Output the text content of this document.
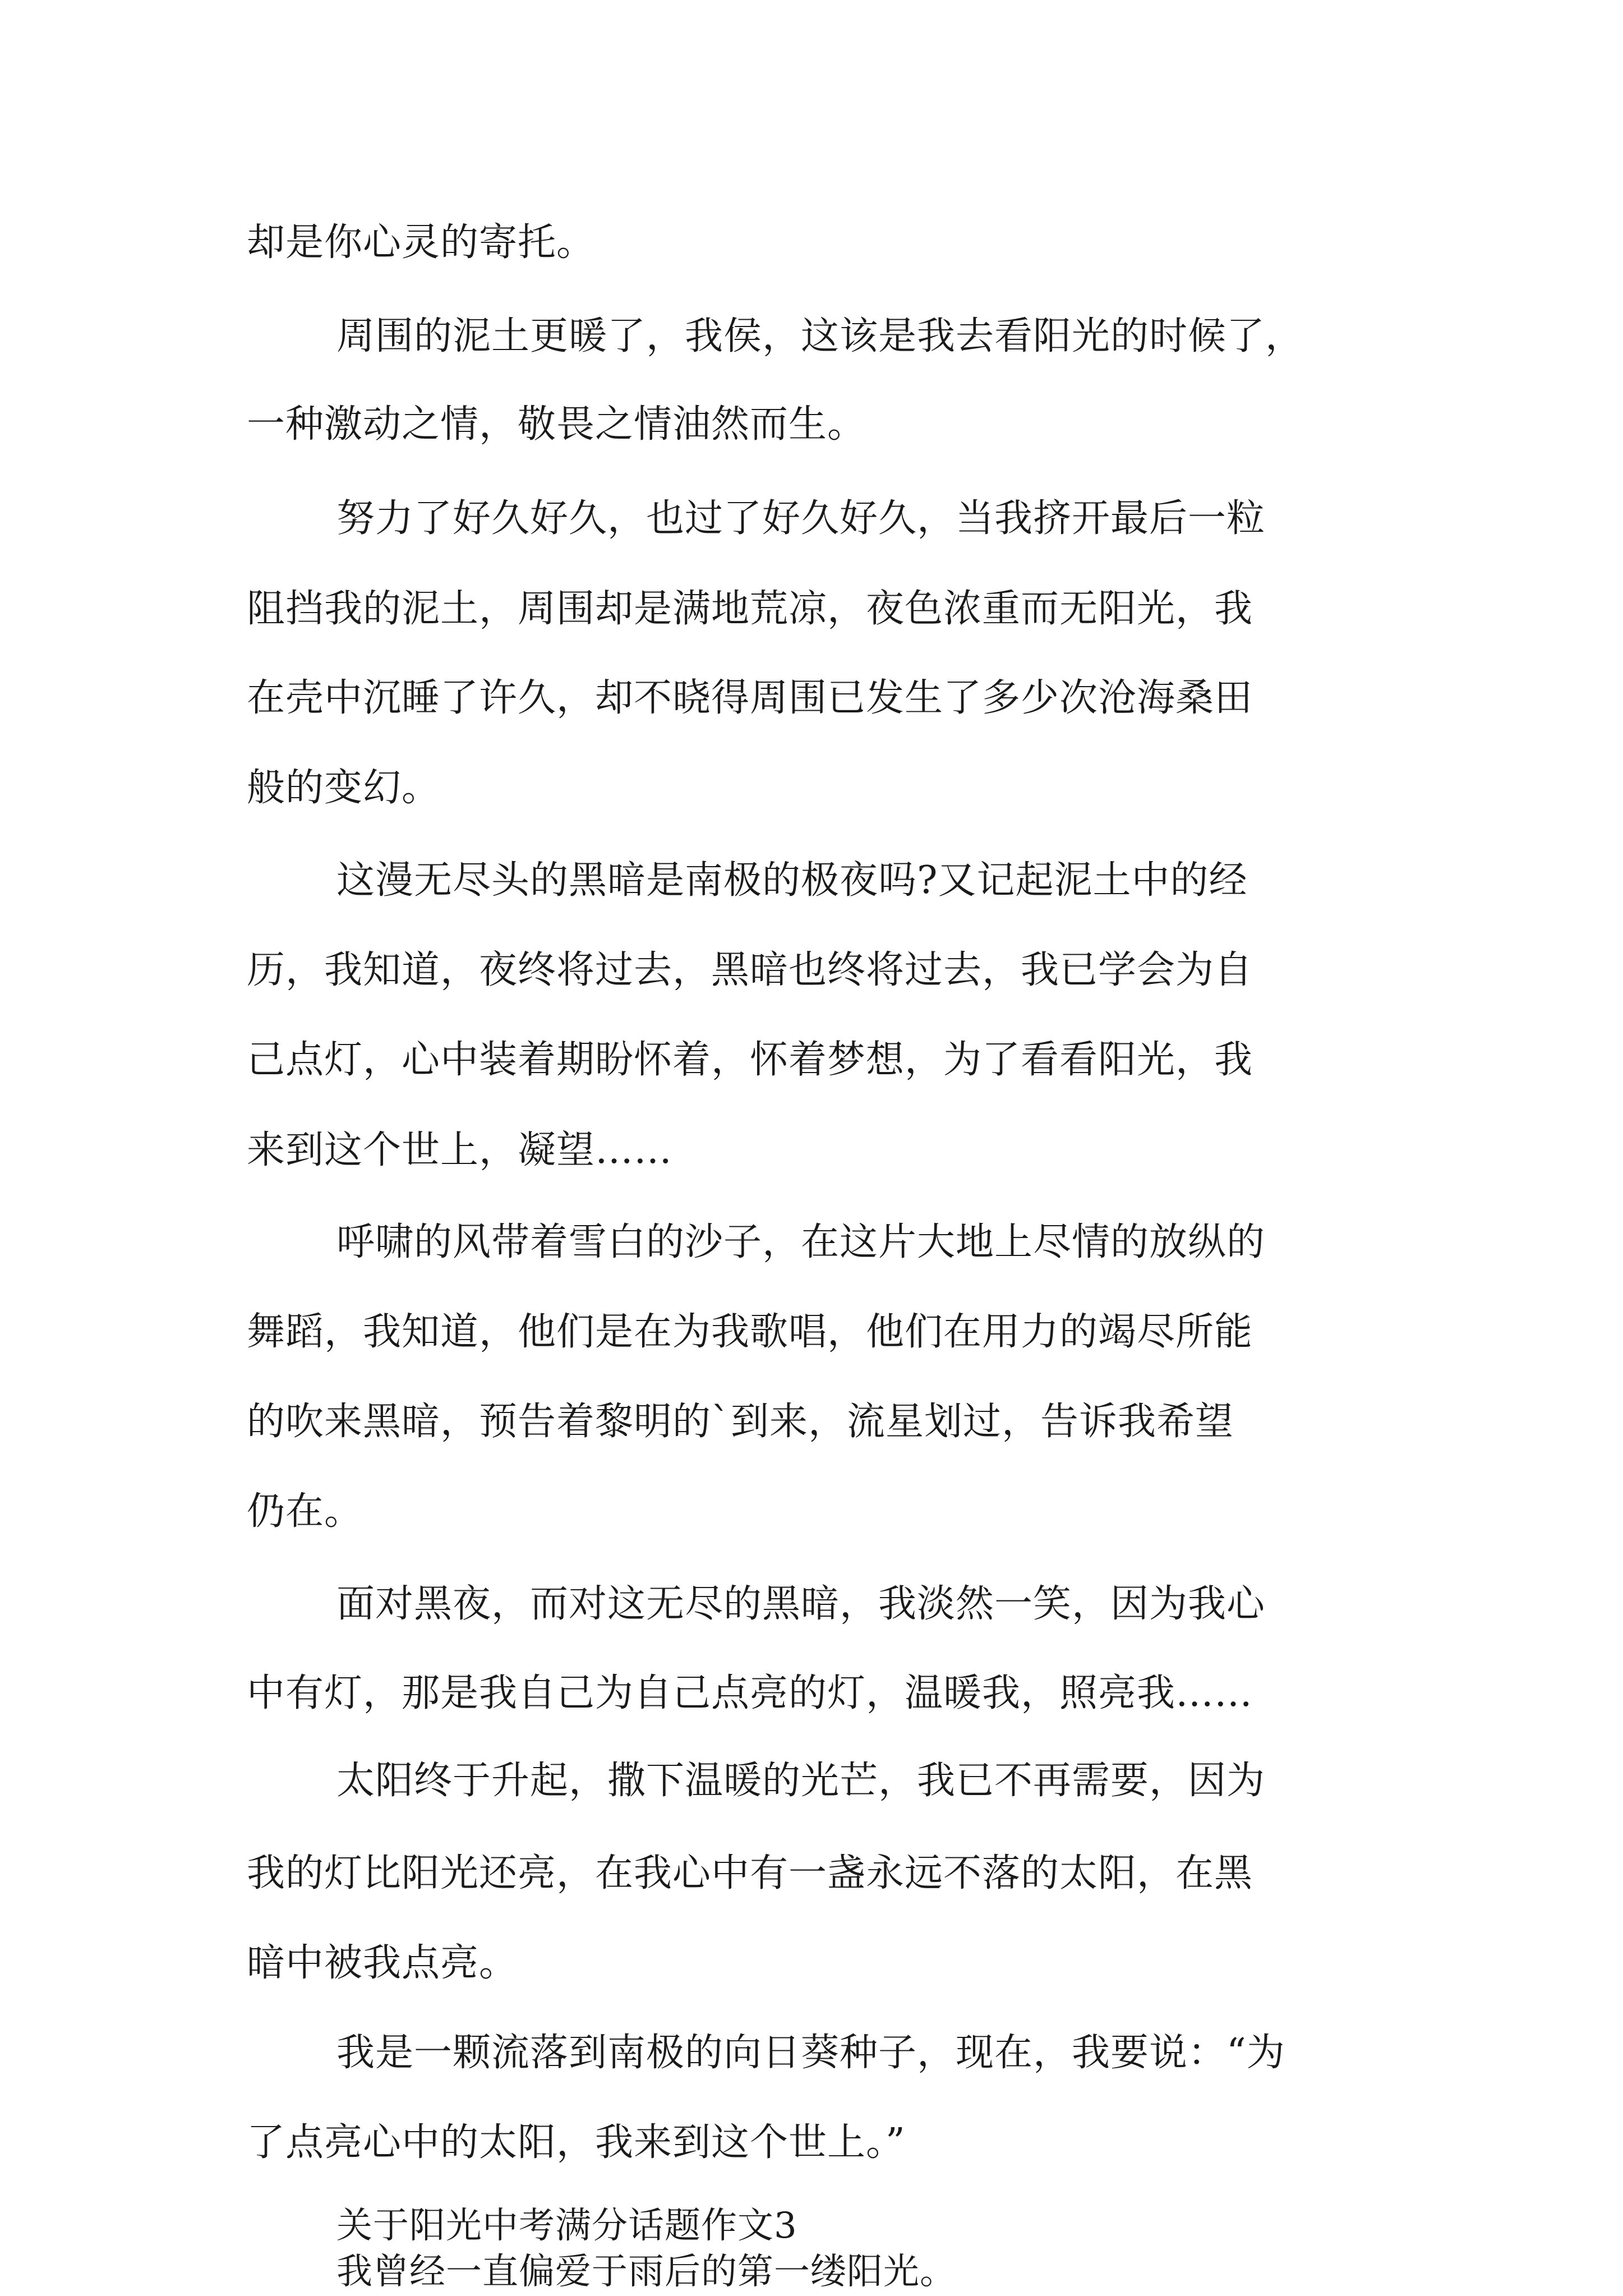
却是你心灵的寄托。
周围的泥土更暖了，我侯，这该是我去看阳光的时候了，
一种激动之情，敬畏之情油然而生。
努力了好久好久，也过了好久好久，当我挤开最后一粒
阻挡我的泥土，周围却是满地荒凉，夜色浓重而无阳光，我
在壳中沉睡了许久，却不晓得周围已发生了多少次沧海桑田
般的变幻。
这漫无尽头的黑暗是南极的极夜吗?又记起泥土中的经
历，我知道，夜终将过去，黑暗也终将过去，我已学会为自
己点灯，心中装着期盼怀着，怀着梦想，为了看看阳光，我
来到这个世上，凝望……
呼啸的风带着雪白的沙子，在这片大地上尽情的放纵的
舞蹈，我知道，他们是在为我歌唱，他们在用力的竭尽所能
的吹来黑暗，预告着黎明的`到来，流星划过，告诉我希望
仍在。
面对黑夜，而对这无尽的黑暗，我淡然一笑，因为我心
中有灯，那是我自己为自己点亮的灯，温暖我，照亮我……
太阳终于升起，撒下温暖的光芒，我已不再需要，因为
我的灯比阳光还亮，在我心中有一盏永远不落的太阳，在黑
暗中被我点亮。
我是一颗流落到南极的向日葵种子，现在，我要说：“为
了点亮心中的太阳，我来到这个世上。”
关于阳光中考满分话题作文3
我曾经一直偏爱于雨后的第一缕阳光。
